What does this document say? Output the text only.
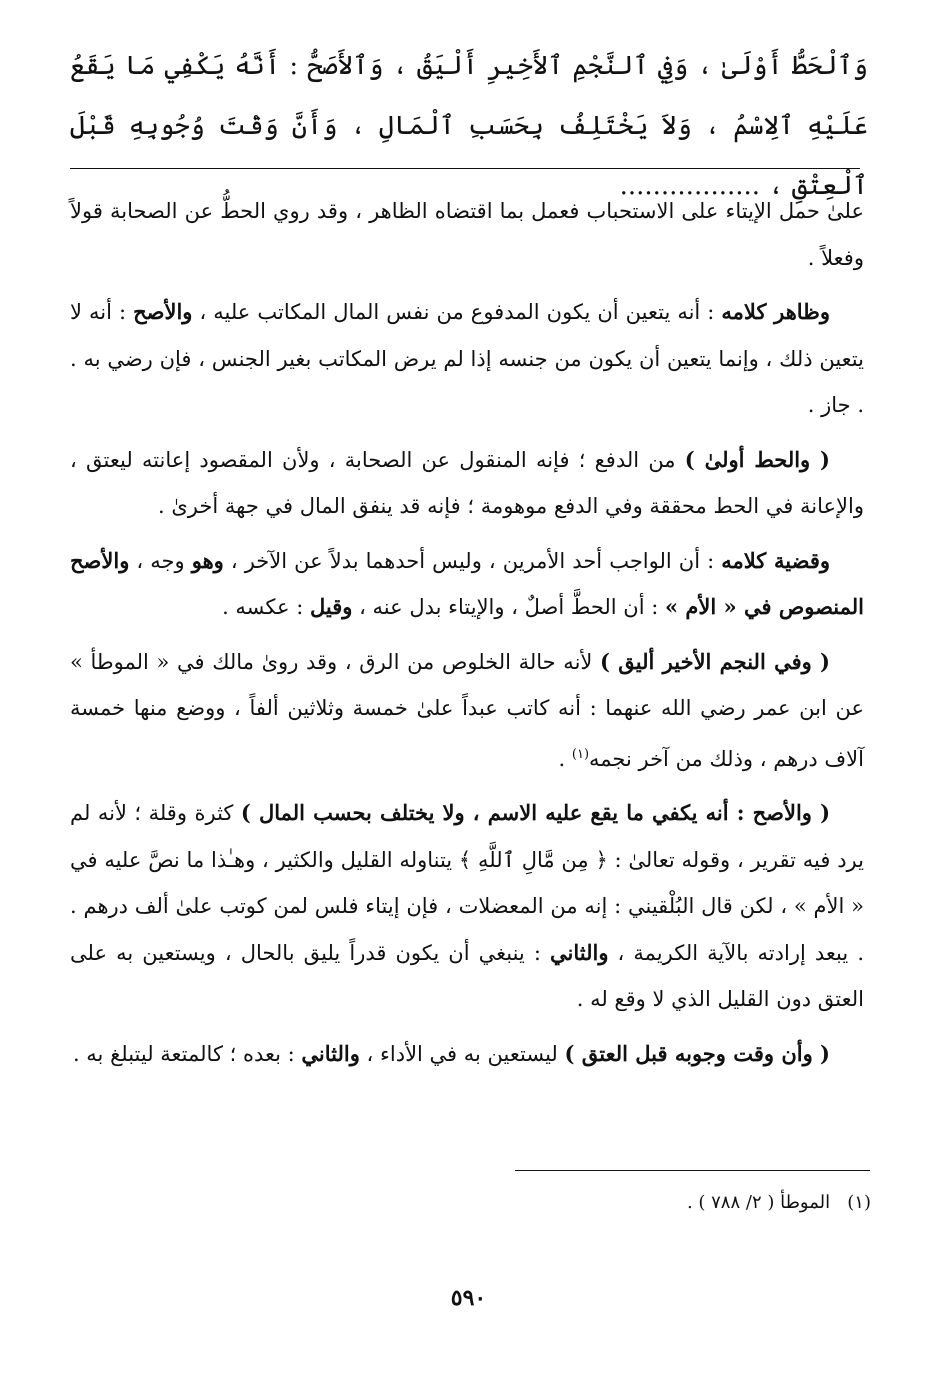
وَٱلْحَطُّ أَوْلَىٰ ، وَفِي ٱلنَّجْمِ ٱلأَخِيرِ أَلْيَقُ ، وَٱلأَصَحُّ : أَنَّهُ يَكْفِي مَا يَقَعُ عَلَيْهِ ٱلِاسْمُ ، وَلاَ يَخْتَلِفُ بِحَسَبِ ٱلْمَالِ ، وَأَنَّ وَقْتَ وُجُوبِهِ قَبْلَ ٱلْعِتْقِ ، .................

علىٰ حمل الإيتاء على الاستحباب فعمل بما اقتضاه الظاهر ، وقد روي الحطُّ عن الصحابة قولاً وفعلاً .

وظاهر كلامه : أنه يتعين أن يكون المدفوع من نفس المال المكاتب عليه ، والأصح : أنه لا يتعين ذلك ، وإنما يتعين أن يكون من جنسه إذا لم يرض المكاتب بغير الجنس ، فإن رضي به . . جاز .

( والحط أولىٰ ) من الدفع ؛ فإنه المنقول عن الصحابة ، ولأن المقصود إعانته ليعتق ، والإعانة في الحط محققة وفي الدفع موهومة ؛ فإنه قد ينفق المال في جهة أخرىٰ .

وقضية كلامه : أن الواجب أحد الأمرين ، وليس أحدهما بدلاً عن الآخر ، وهو وجه ، والأصح المنصوص في « الأم » : أن الحطَّ أصلٌ ، والإيتاء بدل عنه ، وقيل : عكسه .

( وفي النجم الأخير أليق ) لأنه حالة الخلوص من الرق ، وقد روىٰ مالك في « الموطأ » عن ابن عمر رضي الله عنهما : أنه كاتب عبداً علىٰ خمسة وثلاثين ألفاً ، ووضع منها خمسة آلاف درهم ، وذلك من آخر نجمه$^{(١)}$ .

( والأصح : أنه يكفي ما يقع عليه الاسم ، ولا يختلف بحسب المال ) كثرة وقلة ؛ لأنه لم يرد فيه تقرير ، وقوله تعالىٰ : ﴿ مِن مَّالِ ٱللَّهِ ﴾ يتناوله القليل والكثير ، وهـٰذا ما نصَّ عليه في « الأم » ، لكن قال البُلْقيني : إنه من المعضلات ، فإن إيتاء فلس لمن كوتب علىٰ ألف درهم . . يبعد إرادته بالآية الكريمة ، والثاني : ينبغي أن يكون قدراً يليق بالحال ، ويستعين به على العتق دون القليل الذي لا وقع له .

( وأن وقت وجوبه قبل العتق ) ليستعين به في الأداء ، والثاني : بعده ؛ كالمتعة ليتبلغ به .

(١)   الموطأ ( ٢/ ٧٨٨ ) .
٥٩٠
